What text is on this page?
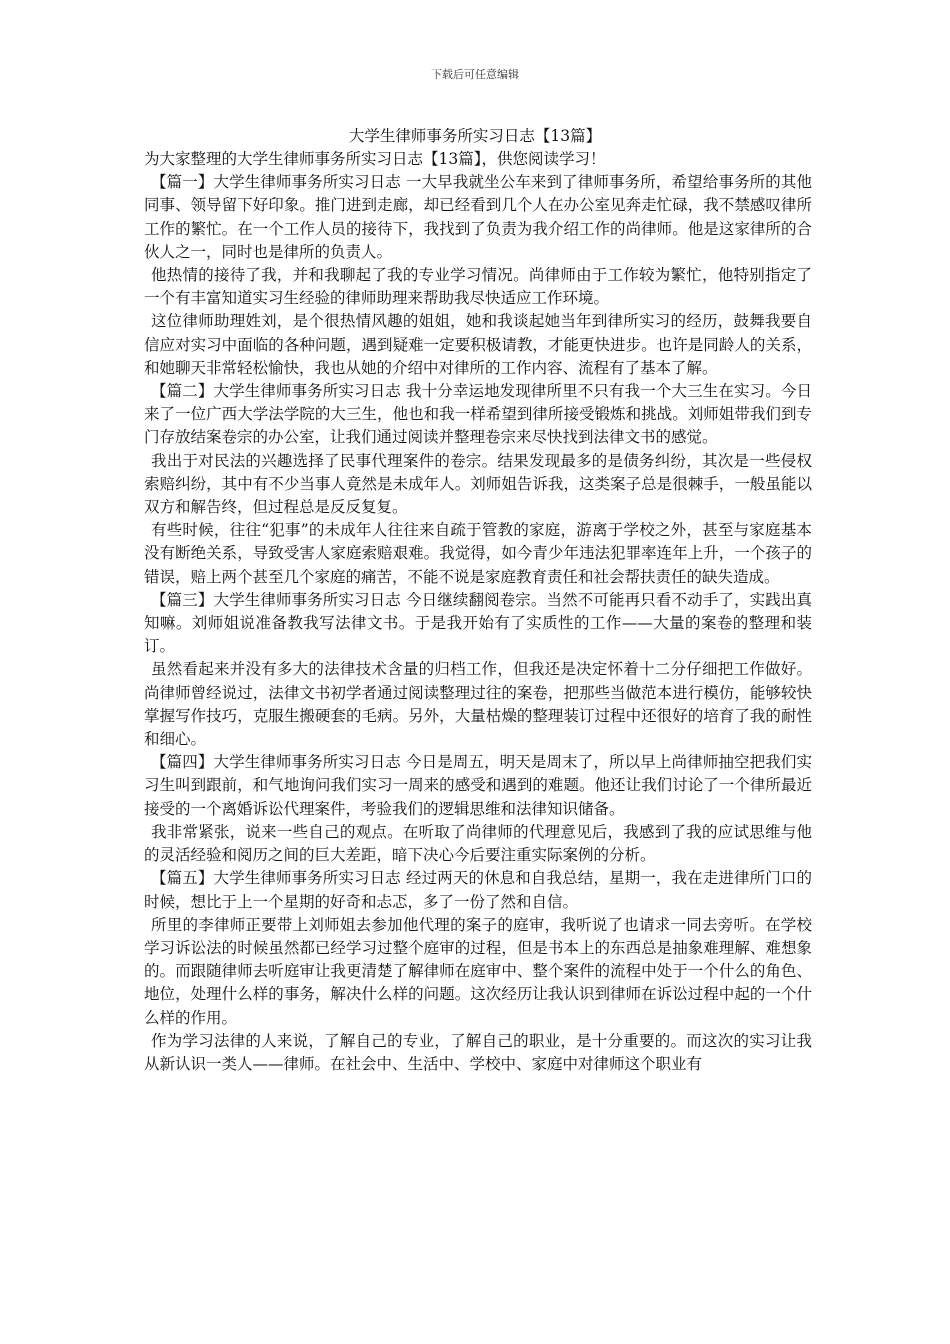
下载后可任意编辑
大学生律师事务所实习日志【13篇】

为大家整理的大学生律师事务所实习日志【13篇】，供您阅读学习！

【篇一】大学生律师事务所实习日志 一大早我就坐公车来到了律师事务所，希望给事务所的其他同事、领导留下好印象。推门进到走廊，却已经看到几个人在办公室见奔走忙碌，我不禁感叹律所工作的繁忙。在一个工作人员的接待下，我找到了负责为我介绍工作的尚律师。他是这家律所的合伙人之一，同时也是律所的负责人。

他热情的接待了我，并和我聊起了我的专业学习情况。尚律师由于工作较为繁忙，他特别指定了一个有丰富知道实习生经验的律师助理来帮助我尽快适应工作环境。

这位律师助理姓刘，是个很热情风趣的姐姐，她和我谈起她当年到律所实习的经历，鼓舞我要自信应对实习中面临的各种问题，遇到疑难一定要积极请教，才能更快进步。也许是同龄人的关系，和她聊天非常轻松愉快，我也从她的介绍中对律所的工作内容、流程有了基本了解。

【篇二】大学生律师事务所实习日志 我十分幸运地发现律所里不只有我一个大三生在实习。今日来了一位广西大学法学院的大三生，他也和我一样希望到律所接受锻炼和挑战。刘师姐带我们到专门存放结案卷宗的办公室，让我们通过阅读并整理卷宗来尽快找到法律文书的感觉。

我出于对民法的兴趣选择了民事代理案件的卷宗。结果发现最多的是债务纠纷，其次是一些侵权索赔纠纷，其中有不少当事人竟然是未成年人。刘师姐告诉我，这类案子总是很棘手，一般虽能以双方和解告终，但过程总是反反复复。

有些时候，往往“犯事”的未成年人往往来自疏于管教的家庭，游离于学校之外，甚至与家庭基本没有断绝关系，导致受害人家庭索赔艰难。我觉得，如今青少年违法犯罪率连年上升，一个孩子的错误，赔上两个甚至几个家庭的痛苦，不能不说是家庭教育责任和社会帮扶责任的缺失造成。

【篇三】大学生律师事务所实习日志 今日继续翻阅卷宗。当然不可能再只看不动手了，实践出真知嘛。刘师姐说准备教我写法律文书。于是我开始有了实质性的工作——大量的案卷的整理和装订。

虽然看起来并没有多大的法律技术含量的归档工作，但我还是决定怀着十二分仔细把工作做好。尚律师曾经说过，法律文书初学者通过阅读整理过往的案卷，把那些当做范本进行模仿，能够较快掌握写作技巧，克服生搬硬套的毛病。另外，大量枯燥的整理装订过程中还很好的培育了我的耐性和细心。

【篇四】大学生律师事务所实习日志 今日是周五，明天是周末了，所以早上尚律师抽空把我们实习生叫到跟前，和气地询问我们实习一周来的感受和遇到的难题。他还让我们讨论了一个律所最近接受的一个离婚诉讼代理案件，考验我们的逻辑思维和法律知识储备。

我非常紧张，说来一些自己的观点。在听取了尚律师的代理意见后，我感到了我的应试思维与他的灵活经验和阅历之间的巨大差距，暗下决心今后要注重实际案例的分析。

【篇五】大学生律师事务所实习日志 经过两天的休息和自我总结，星期一，我在走进律所门口的时候，想比于上一个星期的好奇和忐忑，多了一份了然和自信。

所里的李律师正要带上刘师姐去参加他代理的案子的庭审，我听说了也请求一同去旁听。在学校学习诉讼法的时候虽然都已经学习过整个庭审的过程，但是书本上的东西总是抽象难理解、难想象的。而跟随律师去听庭审让我更清楚了解律师在庭审中、整个案件的流程中处于一个什么的角色、地位，处理什么样的事务，解决什么样的问题。这次经历让我认识到律师在诉讼过程中起的一个什么样的作用。

作为学习法律的人来说，了解自己的专业，了解自己的职业，是十分重要的。而这次的实习让我从新认识一类人——律师。在社会中、生活中、学校中、家庭中对律师这个职业有
